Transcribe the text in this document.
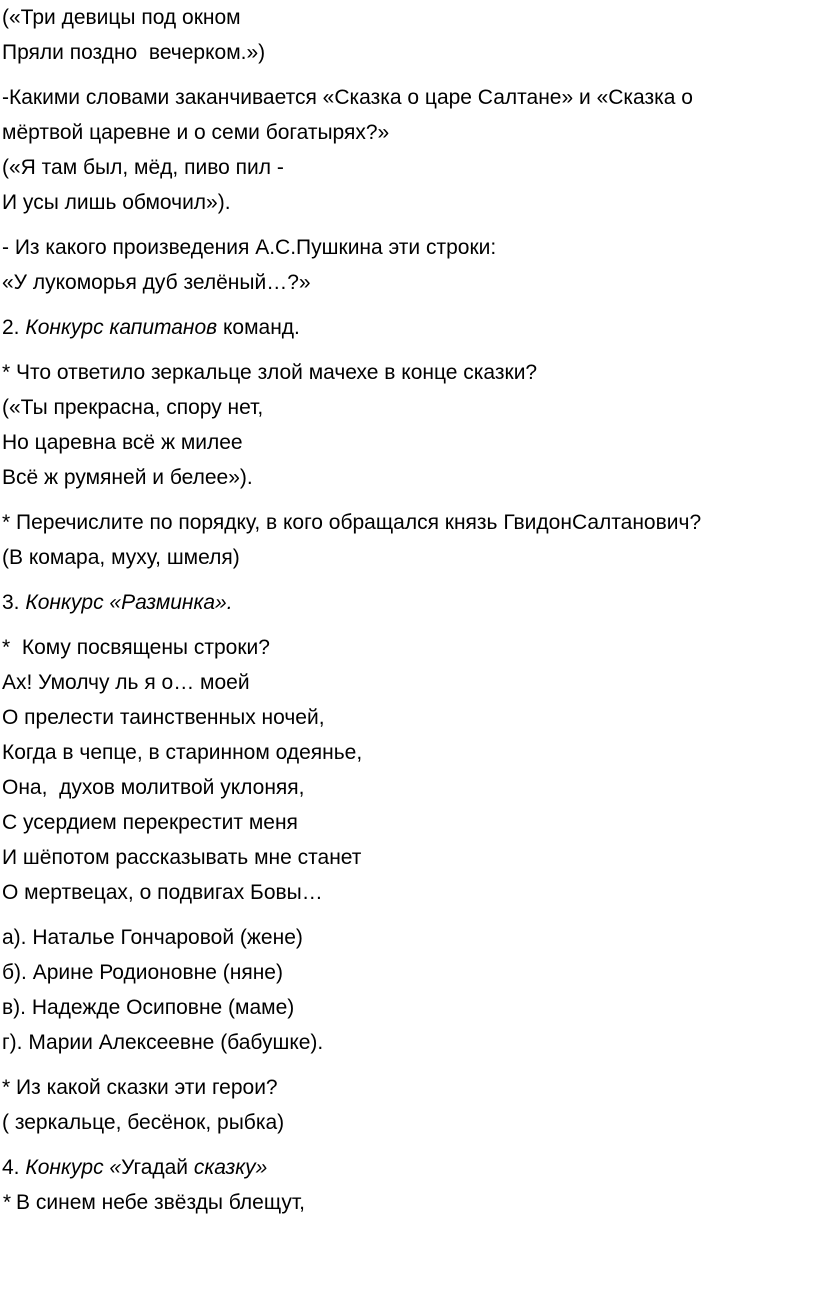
(«Три девицы под окном
Пряли поздно  вечерком.»)
-Какими словами заканчивается «Сказка о царе Салтане» и «Сказка о
мёртвой царевне и о семи богатырях?»
(«Я там был, мёд, пиво пил -
И усы лишь обмочил»).
- Из какого произведения А.С.Пушкина эти строки:
«У лукоморья дуб зелёный…?»
2. Конкурс капитанов команд.
* Что ответило зеркальце злой мачехе в конце сказки?
(«Ты прекрасна, спору нет,
Но царевна всё ж милее
Всё ж румяней и белее»).
* Перечислите по порядку, в кого обращался князь ГвидонСалтанович?
(В комара, муху, шмеля)
3. Конкурс «Разминка».
*  Кому посвящены строки?
Ах! Умолчу ль я о… моей
О прелести таинственных ночей,
Когда в чепце, в старинном одеянье,
Она,  духов молитвой уклоняя,
С усердием перекрестит меня
И шёпотом рассказывать мне станет
О мертвецах, о подвигах Бовы…
а). Наталье Гончаровой (жене)
б). Арине Родионовне (няне)
в). Надежде Осиповне (маме)
г). Марии Алексеевне (бабушке).
* Из какой сказки эти герои?
( зеркальце, бесёнок, рыбка)
4. Конкурс «Угадай сказку»
* В синем небе звёзды блещут,
